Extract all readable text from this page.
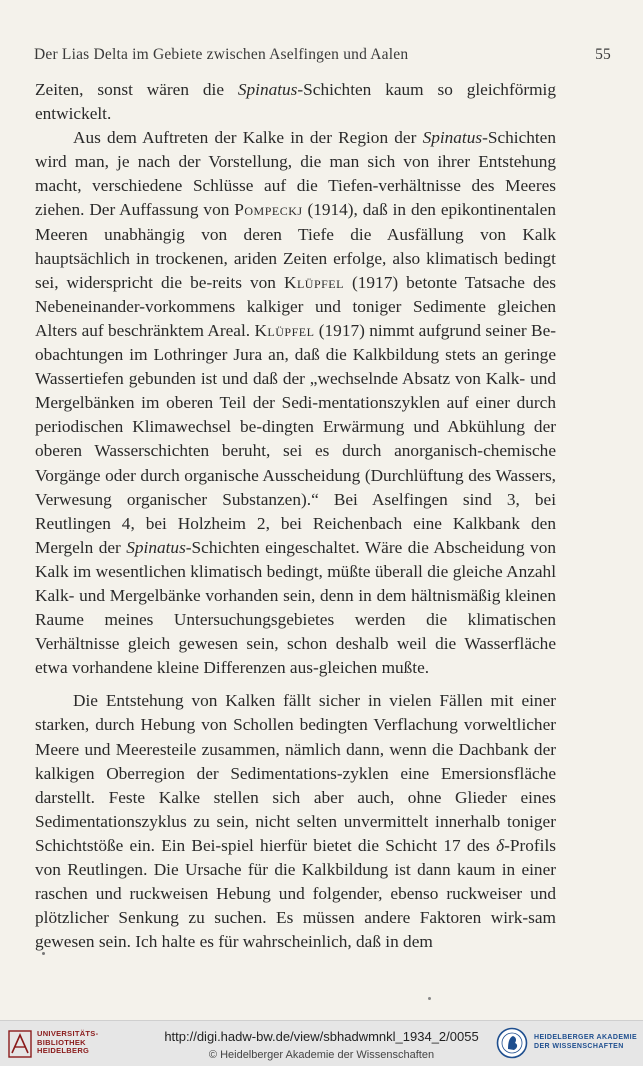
Der Lias Delta im Gebiete zwischen Aselfingen und Aalen	55

Zeiten, sonst wären die Spinatus-Schichten kaum so gleichförmig entwickelt.

Aus dem Auftreten der Kalke in der Region der Spinatus-Schichten wird man, je nach der Vorstellung, die man sich von ihrer Entstehung macht, verschiedene Schlüsse auf die Tiefen-verhältnisse des Meeres ziehen. Der Auffassung von Pompeckj (1914), daß in den epikontinentalen Meeren unabhängig von deren Tiefe die Ausfällung von Kalk hauptsächlich in trockenen, ariden Zeiten erfolge, also klimatisch bedingt sei, widerspricht die be-reits von Klüpfel (1917) betonte Tatsache des Nebeneinander-vorkommens kalkiger und toniger Sedimente gleichen Alters auf beschränktem Areal. Klüpfel (1917) nimmt aufgrund seiner Be-obachtungen im Lothringer Jura an, daß die Kalkbildung stets an geringe Wassertiefen gebunden ist und daß der „wechselnde Absatz von Kalk- und Mergelbänken im oberen Teil der Sedi-mentationszyklen auf einer durch periodischen Klimawechsel be-dingten Erwärmung und Abkühlung der oberen Wasserschichten beruht, sei es durch anorganisch-chemische Vorgänge oder durch organische Ausscheidung (Durchlüftung des Wassers, Verwesung organischer Substanzen).“ Bei Aselfingen sind 3, bei Reutlingen 4, bei Holzheim 2, bei Reichenbach eine Kalkbank den Mergeln der Spinatus-Schichten eingeschaltet. Wäre die Abscheidung von Kalk im wesentlichen klimatisch bedingt, müßte überall die gleiche Anzahl Kalk- und Mergelbänke vorhanden sein, denn in dem hältnismäßig kleinen Raume meines Untersuchungsgebietes werden die klimatischen Verhältnisse gleich gewesen sein, schon deshalb weil die Wasserfläche etwa vorhandene kleine Differenzen aus-gleichen mußte.

Die Entstehung von Kalken fällt sicher in vielen Fällen mit einer starken, durch Hebung von Schollen bedingten Verflachung vorweltlicher Meere und Meeresteile zusammen, nämlich dann, wenn die Dachbank der kalkigen Oberregion der Sedimentations-zyklen eine Emersionsfläche darstellt. Feste Kalke stellen sich aber auch, ohne Glieder eines Sedimentationszyklus zu sein, nicht selten unvermittelt innerhalb toniger Schichtstöße ein. Ein Bei-spiel hierfür bietet die Schicht 17 des δ-Profils von Reutlingen. Die Ursache für die Kalkbildung ist dann kaum in einer raschen und ruckweisen Hebung und folgender, ebenso ruckweiser und plötzlicher Senkung zu suchen. Es müssen andere Faktoren wirk-sam gewesen sein. Ich halte es für wahrscheinlich, daß in dem

UNIVERSITÄTS-
BIBLIOTHEK
HEIDELBERG
http://digi.hadw-bw.de/view/sbhadwmnkl_1934_2/0055
© Heidelberger Akademie der Wissenschaften
HEIDELBERGER AKADEMIE
DER WISSENSCHAFTEN
